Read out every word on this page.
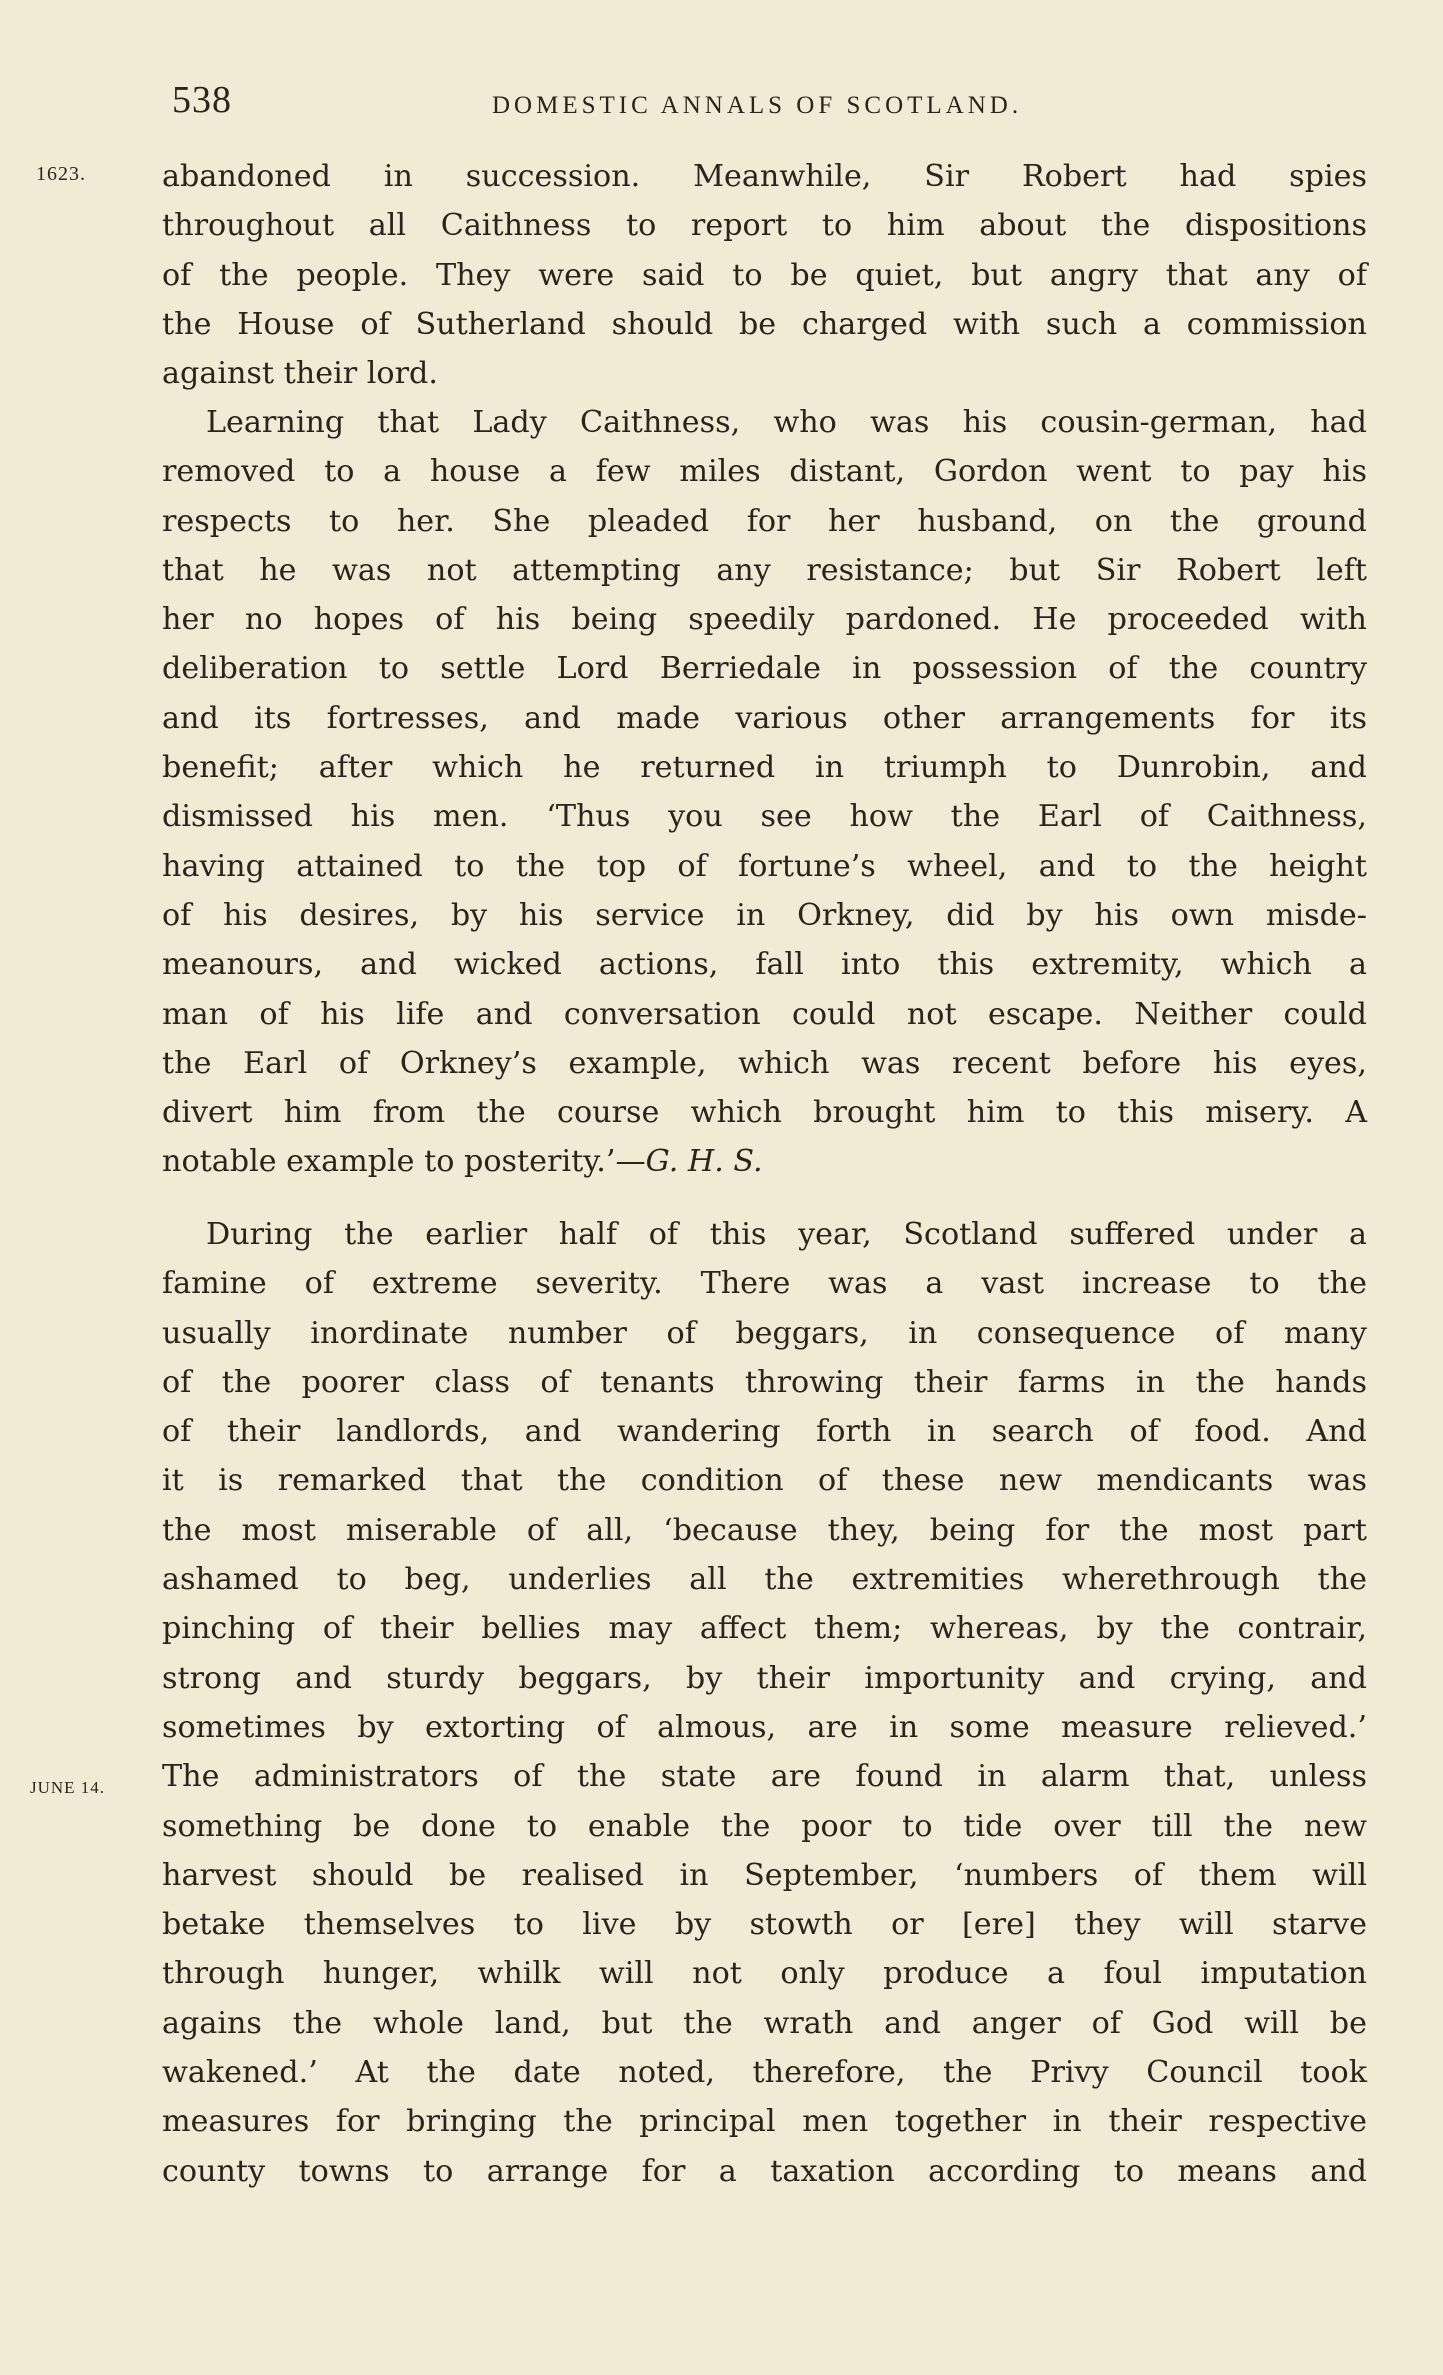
538	DOMESTIC ANNALS OF SCOTLAND.
1623.
JUNE 14.
abandoned in succession. Meanwhile, Sir Robert had spies
throughout all Caithness to report to him about the dispositions
of the people. They were said to be quiet, but angry that any of
the House of Sutherland should be charged with such a commission
against their lord.
Learning that Lady Caithness, who was his cousin-german, had
removed to a house a few miles distant, Gordon went to pay his
respects to her. She pleaded for her husband, on the ground
that he was not attempting any resistance; but Sir Robert left
her no hopes of his being speedily pardoned. He proceeded with
deliberation to settle Lord Berriedale in possession of the country
and its fortresses, and made various other arrangements for its
benefit; after which he returned in triumph to Dunrobin, and
dismissed his men. ‘Thus you see how the Earl of Caithness,
having attained to the top of fortune’s wheel, and to the height
of his desires, by his service in Orkney, did by his own misde-
meanours, and wicked actions, fall into this extremity, which a
man of his life and conversation could not escape. Neither could
the Earl of Orkney’s example, which was recent before his eyes,
divert him from the course which brought him to this misery. A
notable example to posterity.’—G. H. S.
During the earlier half of this year, Scotland suffered under a
famine of extreme severity. There was a vast increase to the
usually inordinate number of beggars, in consequence of many
of the poorer class of tenants throwing their farms in the hands
of their landlords, and wandering forth in search of food. And
it is remarked that the condition of these new mendicants was
the most miserable of all, ‘because they, being for the most part
ashamed to beg, underlies all the extremities wherethrough the
pinching of their bellies may affect them; whereas, by the contrair,
strong and sturdy beggars, by their importunity and crying, and
sometimes by extorting of almous, are in some measure relieved.’
The administrators of the state are found in alarm that, unless
something be done to enable the poor to tide over till the new
harvest should be realised in September, ‘numbers of them will
betake themselves to live by stowth or [ere] they will starve
through hunger, whilk will not only produce a foul imputation
agains the whole land, but the wrath and anger of God will be
wakened.’ At the date noted, therefore, the Privy Council took
measures for bringing the principal men together in their respective
county towns to arrange for a taxation according to means and
